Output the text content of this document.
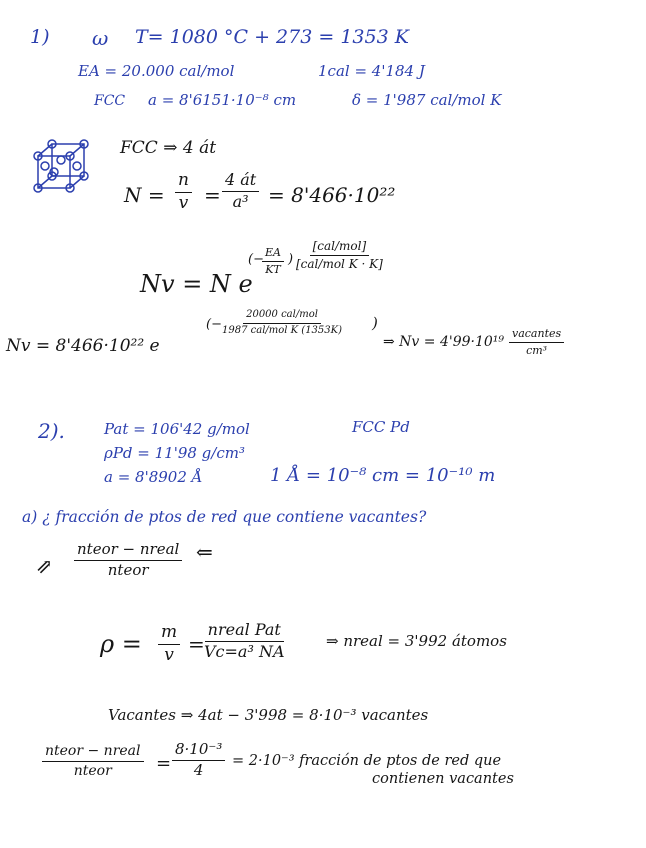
1) ω T= 1080 °C + 273 = 1353 K
EA = 20.000 cal/mol	1cal = 4'184 J
FCC a = 8'6151·10⁻⁸ cm	δ = 1'987 cal/mol K
FCC ⇒ 4 át
$N = \frac{n}{v} = \frac{4 át}{\text{a³}} = 8'466\cdot 10^{22}$
Nv = N e
(−
$\frac{EA}{KT}$ )
[cal/mol]
[cal/mol K · K]
Nv = 8'466·10²² e
(−
20000 cal/mol
1987 cal/mol K (1353K) )
⇒ Nv = 4'99·10¹⁹
vacantes
cm³
2).	Pat = 106'42 g/mol	FCC Pd
ρPd = 11'98 g/cm³
a = 8'8902 Å	1 Å = 10⁻⁸ cm = 10⁻¹⁰ m
a) ¿ fracción de ptos de red que contiene vacantes?
⇗
nteor − nreal
nteor
⇐
$\rho = \frac{m}{v}$ =
nreal Pat
Vc=a³ NA
⇒ nreal = 3'992 átomos
Vacantes ⇒ 4at − 3'998 = 8·10⁻³ vacantes
nteor − nreal
nteor = $\frac{\text{8·10⁻³}}{4} = 2\cdot 10^{-3}$ fracción de ptos de red que
contienen vacantes
